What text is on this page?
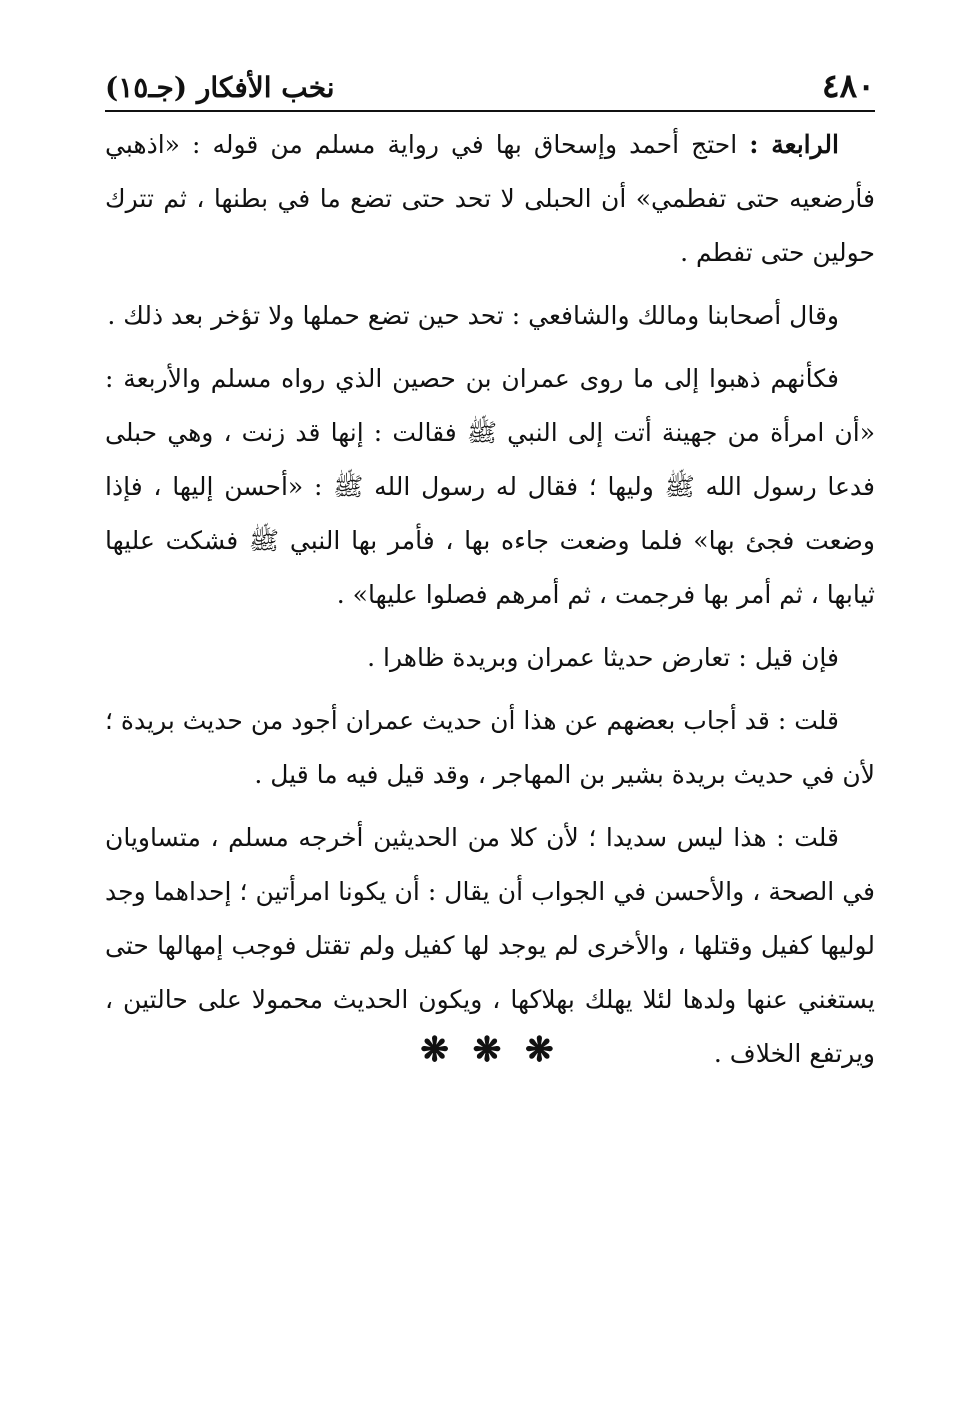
٤٨٠
نخب الأفكار (جـ١٥)

الرابعة : احتج أحمد وإسحاق بها في رواية مسلم من قوله : «اذهبي فأرضعيه حتى تفطمي» أن الحبلى لا تحد حتى تضع ما في بطنها ، ثم تترك حولين حتى تفطم .

وقال أصحابنا ومالك والشافعي : تحد حين تضع حملها ولا تؤخر بعد ذلك .

فكأنهم ذهبوا إلى ما روى عمران بن حصين الذي رواه مسلم والأربعة : «أن امرأة من جهينة أتت إلى النبي ﷺ فقالت : إنها قد زنت ، وهي حبلى فدعا رسول الله ﷺ وليها ؛ فقال له رسول الله ﷺ : «أحسن إليها ، فإذا وضعت فجئ بها» فلما وضعت جاءه بها ، فأمر بها النبي ﷺ فشكت عليها ثيابها ، ثم أمر بها فرجمت ، ثم أمرهم فصلوا عليها» .

فإن قيل : تعارض حديثا عمران وبريدة ظاهرا .

قلت : قد أجاب بعضهم عن هذا أن حديث عمران أجود من حديث بريدة ؛ لأن في حديث بريدة بشير بن المهاجر ، وقد قيل فيه ما قيل .

قلت : هذا ليس سديدا ؛ لأن كلا من الحديثين أخرجه مسلم ، متساويان في الصحة ، والأحسن في الجواب أن يقال : أن يكونا امرأتين ؛ إحداهما وجد لوليها كفيل وقتلها ، والأخرى لم يوجد لها كفيل ولم تقتل فوجب إمهالها حتى يستغني عنها ولدها لئلا يهلك بهلاكها ، ويكون الحديث محمولا على حالتين ، ويرتفع الخلاف .

❋ ❋ ❋
